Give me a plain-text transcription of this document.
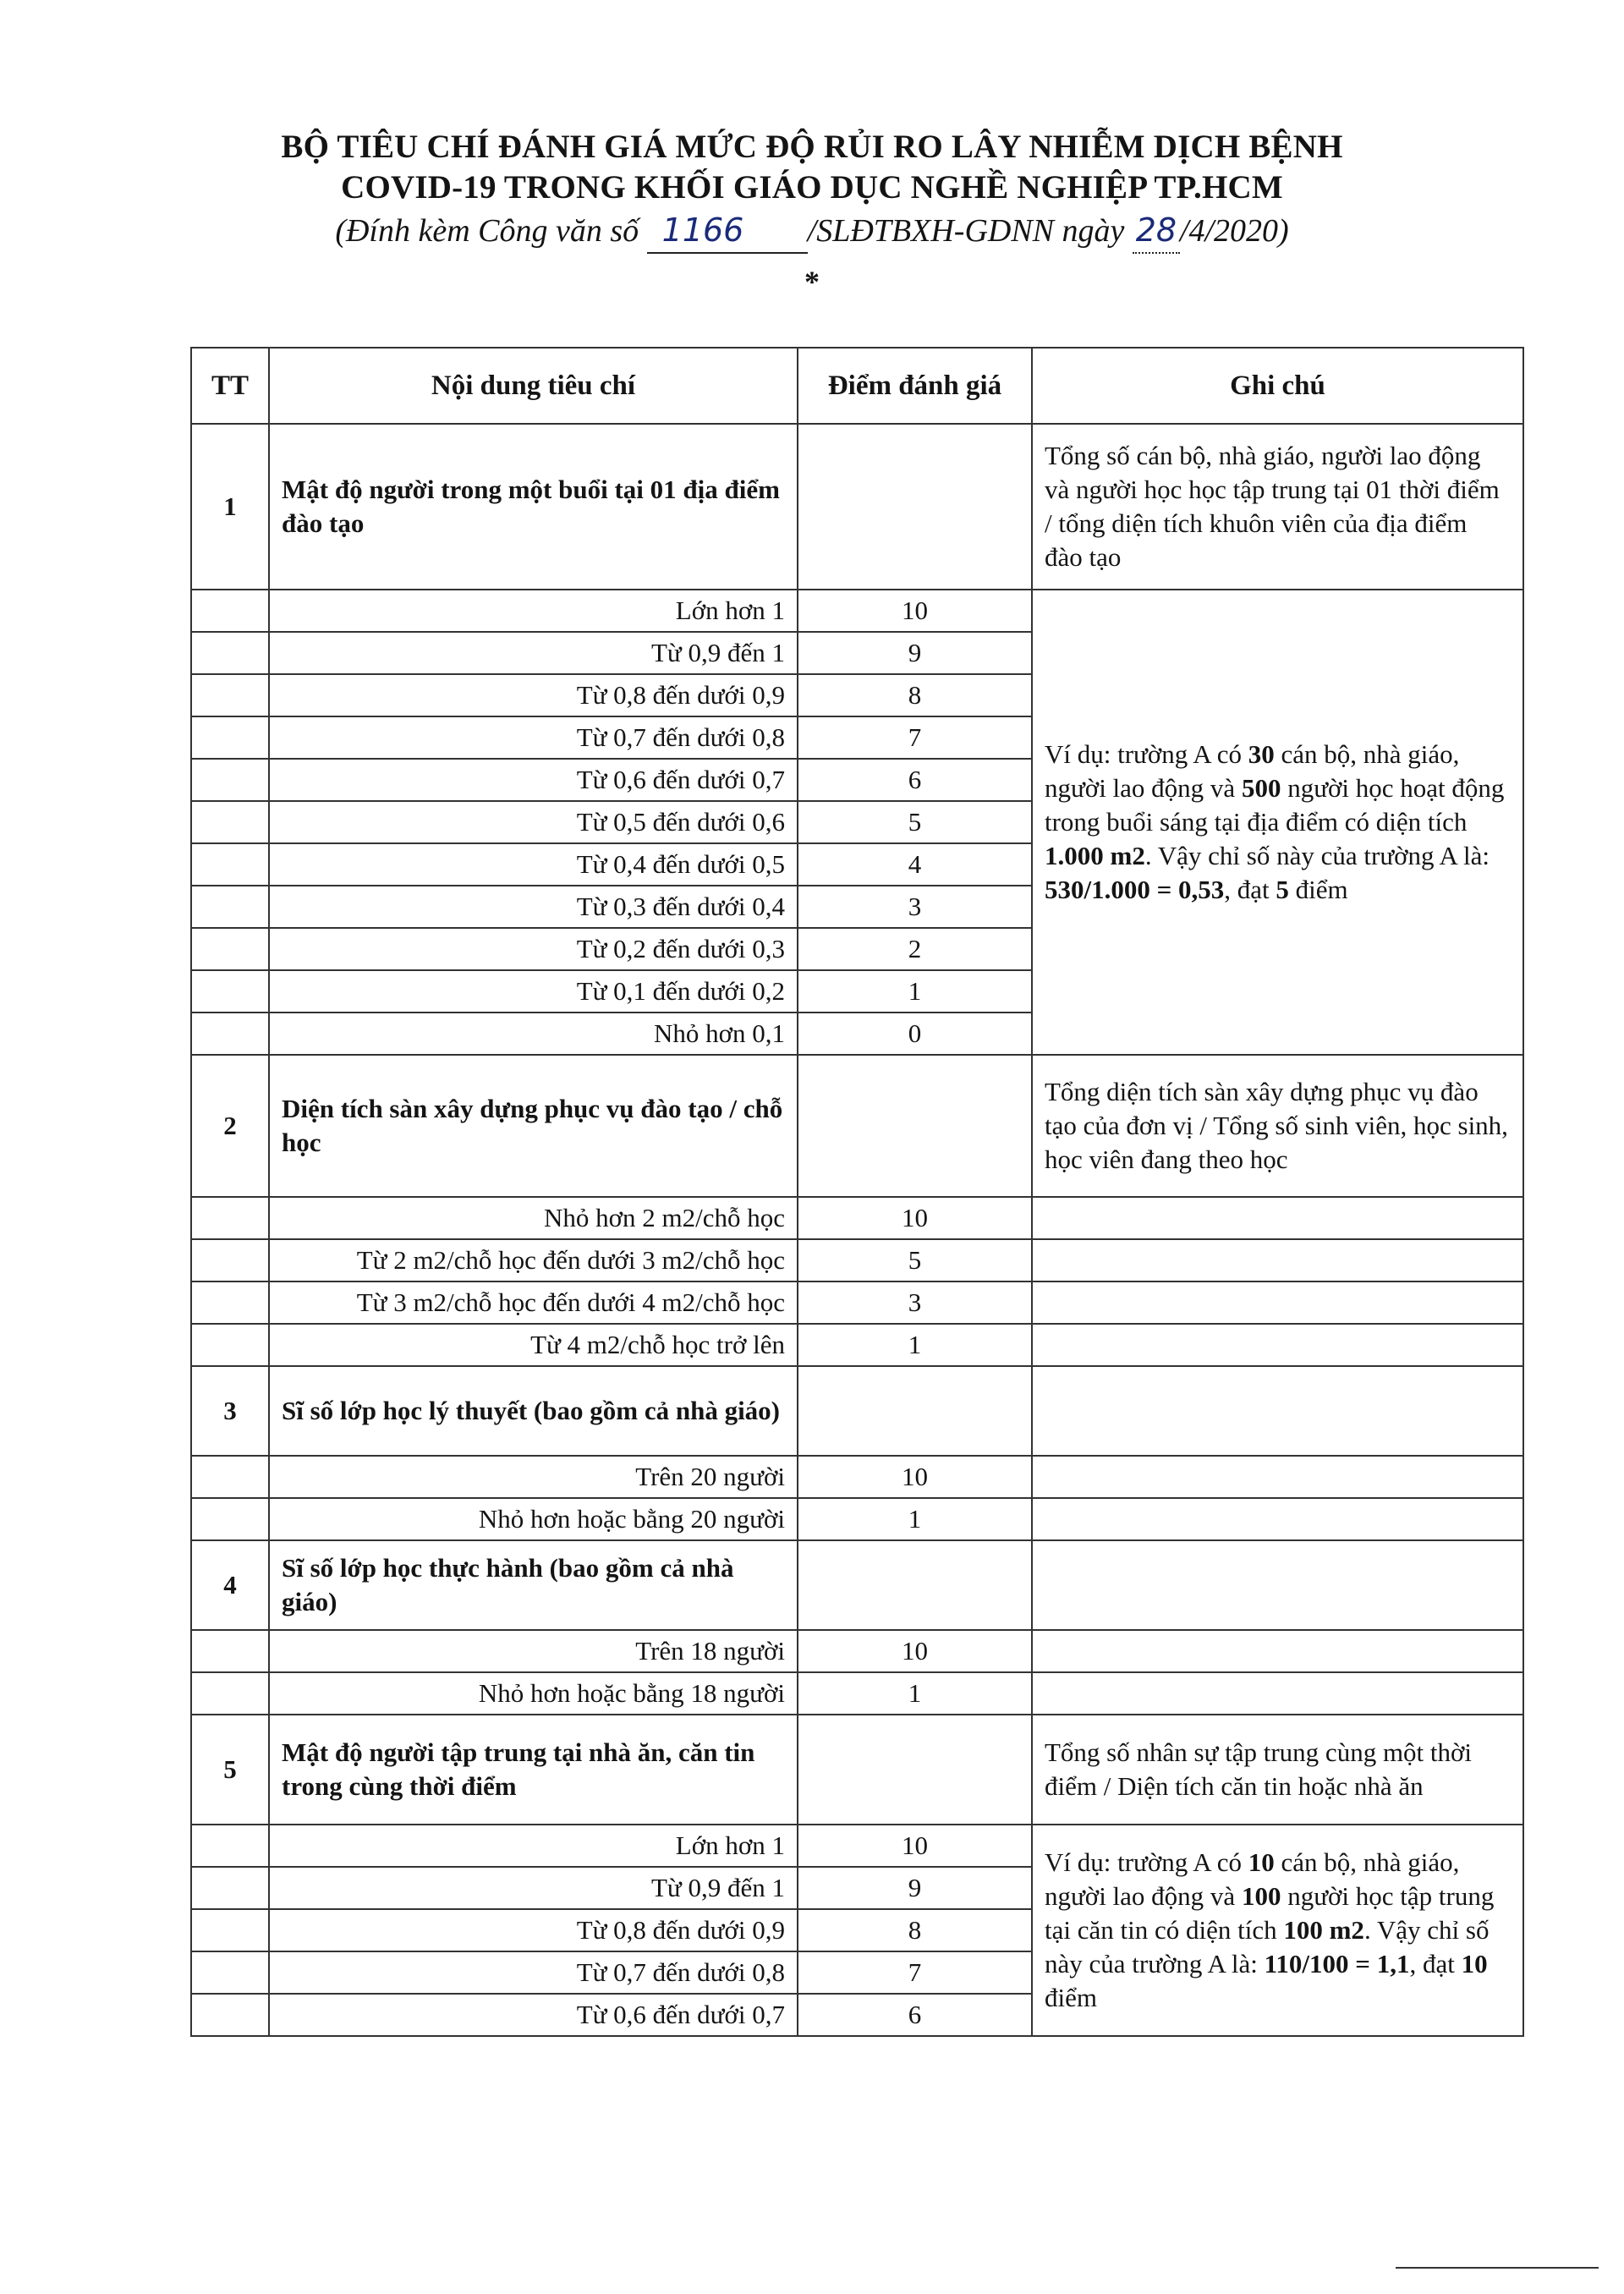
BỘ TIÊU CHÍ ĐÁNH GIÁ MỨC ĐỘ RỦI RO LÂY NHIỄM DỊCH BỆNH
COVID-19 TRONG KHỐI GIÁO DỤC NGHỀ NGHIỆP TP.HCM
(Đính kèm Công văn số 1166 /SLĐTBXH-GDNN ngày 28 /4/2020)
*
TT	Nội dung tiêu chí	Điểm đánh giá	Ghi chú
1	Mật độ người trong một buổi tại 01 địa điểm đào tạo		Tổng số cán bộ, nhà giáo, người lao động và người học học tập trung tại 01 thời điểm / tổng diện tích khuôn viên của địa điểm đào tạo
	Lớn hơn 1	10	Ví dụ: trường A có 30 cán bộ, nhà giáo, người lao động và 500 người học hoạt động trong buổi sáng tại địa điểm có diện tích 1.000 m2. Vậy chỉ số này của trường A là: 530/1.000 = 0,53, đạt 5 điểm
	Từ 0,9 đến 1	9	
	Từ 0,8 đến dưới 0,9	8	
	Từ 0,7 đến dưới 0,8	7	
	Từ 0,6 đến dưới 0,7	6	
	Từ 0,5 đến dưới 0,6	5	
	Từ 0,4 đến dưới 0,5	4	
	Từ 0,3 đến dưới 0,4	3	
	Từ 0,2 đến dưới 0,3	2	
	Từ 0,1 đến dưới 0,2	1	
	Nhỏ hơn 0,1	0	
2	Diện tích sàn xây dựng phục vụ đào tạo / chỗ học		Tổng diện tích sàn xây dựng phục vụ đào tạo của đơn vị / Tổng số sinh viên, học sinh, học viên đang theo học
	Nhỏ hơn 2 m2/chỗ học	10	
	Từ 2 m2/chỗ học đến dưới 3 m2/chỗ học	5	
	Từ 3 m2/chỗ học đến dưới 4 m2/chỗ học	3	
	Từ 4 m2/chỗ học trở lên	1	
3	Sĩ số lớp học lý thuyết (bao gồm cả nhà giáo)		

	Trên 20 người	10	
	Nhỏ hơn hoặc bằng 20 người	1	
4	Sĩ số lớp học thực hành (bao gồm cả nhà giáo)		

	Trên 18 người	10	
	Nhỏ hơn hoặc bằng 18 người	1	
5	Mật độ người tập trung tại nhà ăn, căn tin trong cùng thời điểm		Tổng số nhân sự tập trung cùng một thời điểm / Diện tích căn tin hoặc nhà ăn
	Lớn hơn 1	10	Ví dụ: trường A có 10 cán bộ, nhà giáo, người lao động và 100 người học tập trung tại căn tin có diện tích 100 m2. Vậy chỉ số này của trường A là: 110/100 = 1,1, đạt 10 điểm
	Từ 0,9 đến 1	9	
	Từ 0,8 đến dưới 0,9	8	
	Từ 0,7 đến dưới 0,8	7	
	Từ 0,6 đến dưới 0,7	6	
